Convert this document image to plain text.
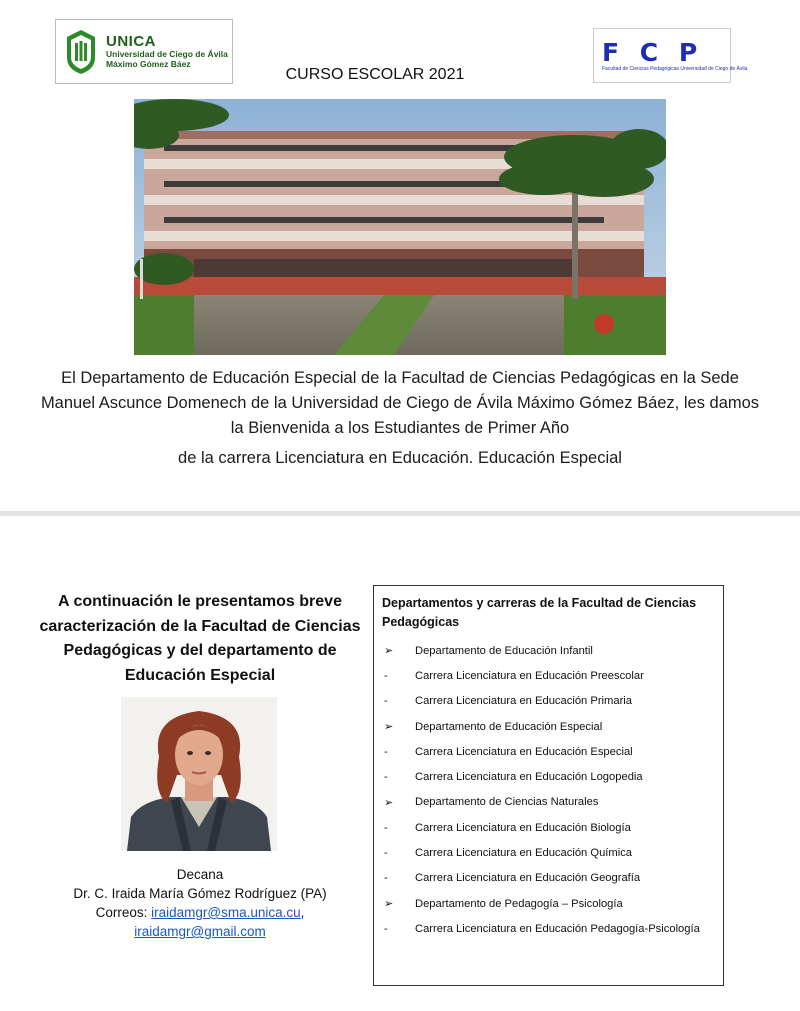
UNICA
Universidad de Ciego de Ávila
Máximo Gómez Báez	F C P
Facultad de Ciencias Pedagógicas Universidad de Ciego de Ávila
CURSO ESCOLAR 2021
El Departamento de Educación Especial de la Facultad de Ciencias Pedagógicas en la Sede Manuel Ascunce Domenech de la Universidad de Ciego de Ávila Máximo Gómez Báez, les damos la Bienvenida a los Estudiantes de Primer Año
de la carrera Licenciatura en Educación. Educación Especial
A continuación le presentamos breve caracterización de la Facultad de Ciencias Pedagógicas y del departamento de Educación Especial
Decana
Dr. C. Iraida María Gómez Rodríguez (PA)
Correos: iraidamgr@sma.unica.cu,
iraidamgr@gmail.com
Departamentos y carreras de la Facultad de Ciencias Pedagógicas
➢	Departamento de Educación Infantil
-	Carrera Licenciatura en Educación Preescolar
-	Carrera Licenciatura en Educación Primaria
➢	Departamento de Educación Especial
-	Carrera Licenciatura en Educación Especial
-	Carrera Licenciatura en Educación Logopedia
➢	Departamento de Ciencias Naturales
-	Carrera Licenciatura en Educación Biología
-	Carrera Licenciatura en Educación Química
-	Carrera Licenciatura en Educación Geografía
➢	Departamento de Pedagogía – Psicología
-	Carrera Licenciatura en Educación Pedagogía-Psicología
